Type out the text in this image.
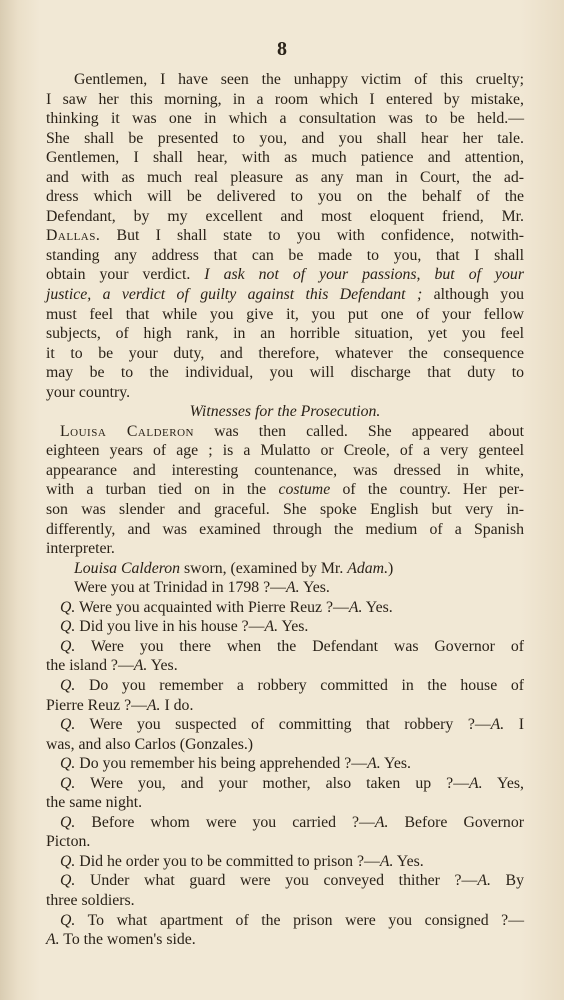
8
Gentlemen, I have seen the unhappy victim of this cruelty;
I saw her this morning, in a room which I entered by mistake,
thinking it was one in which a consultation was to be held.—
She shall be presented to you, and you shall hear her tale.
Gentlemen, I shall hear, with as much patience and attention,
and with as much real pleasure as any man in Court, the ad-
dress which will be delivered to you on the behalf of the
Defendant, by my excellent and most eloquent friend, Mr.
Dallas. But I shall state to you with confidence, notwith-
standing any address that can be made to you, that I shall
obtain your verdict. I ask not of your passions, but of your
justice, a verdict of guilty against this Defendant ; although you
must feel that while you give it, you put one of your fellow
subjects, of high rank, in an horrible situation, yet you feel
it to be your duty, and therefore, whatever the consequence
may be to the individual, you will discharge that duty to
your country.
Witnesses for the Prosecution.
Louisa Calderon was then called. She appeared about
eighteen years of age ; is a Mulatto or Creole, of a very genteel
appearance and interesting countenance, was dressed in white,
with a turban tied on in the costume of the country. Her per-
son was slender and graceful. She spoke English but very in-
differently, and was examined through the medium of a Spanish
interpreter.
Louisa Calderon sworn, (examined by Mr. Adam.)
Were you at Trinidad in 1798 ?—A. Yes.
Q. Were you acquainted with Pierre Reuz ?—A. Yes.
Q. Did you live in his house ?—A. Yes.
Q. Were you there when the Defendant was Governor of
the island ?—A. Yes.
Q. Do you remember a robbery committed in the house of
Pierre Reuz ?—A. I do.
Q. Were you suspected of committing that robbery ?—A. I
was, and also Carlos (Gonzales.)
Q. Do you remember his being apprehended ?—A. Yes.
Q. Were you, and your mother, also taken up ?—A. Yes,
the same night.
Q. Before whom were you carried ?—A. Before Governor
Picton.
Q. Did he order you to be committed to prison ?—A. Yes.
Q. Under what guard were you conveyed thither ?—A. By
three soldiers.
Q. To what apartment of the prison were you consigned ?—
A. To the women's side.
